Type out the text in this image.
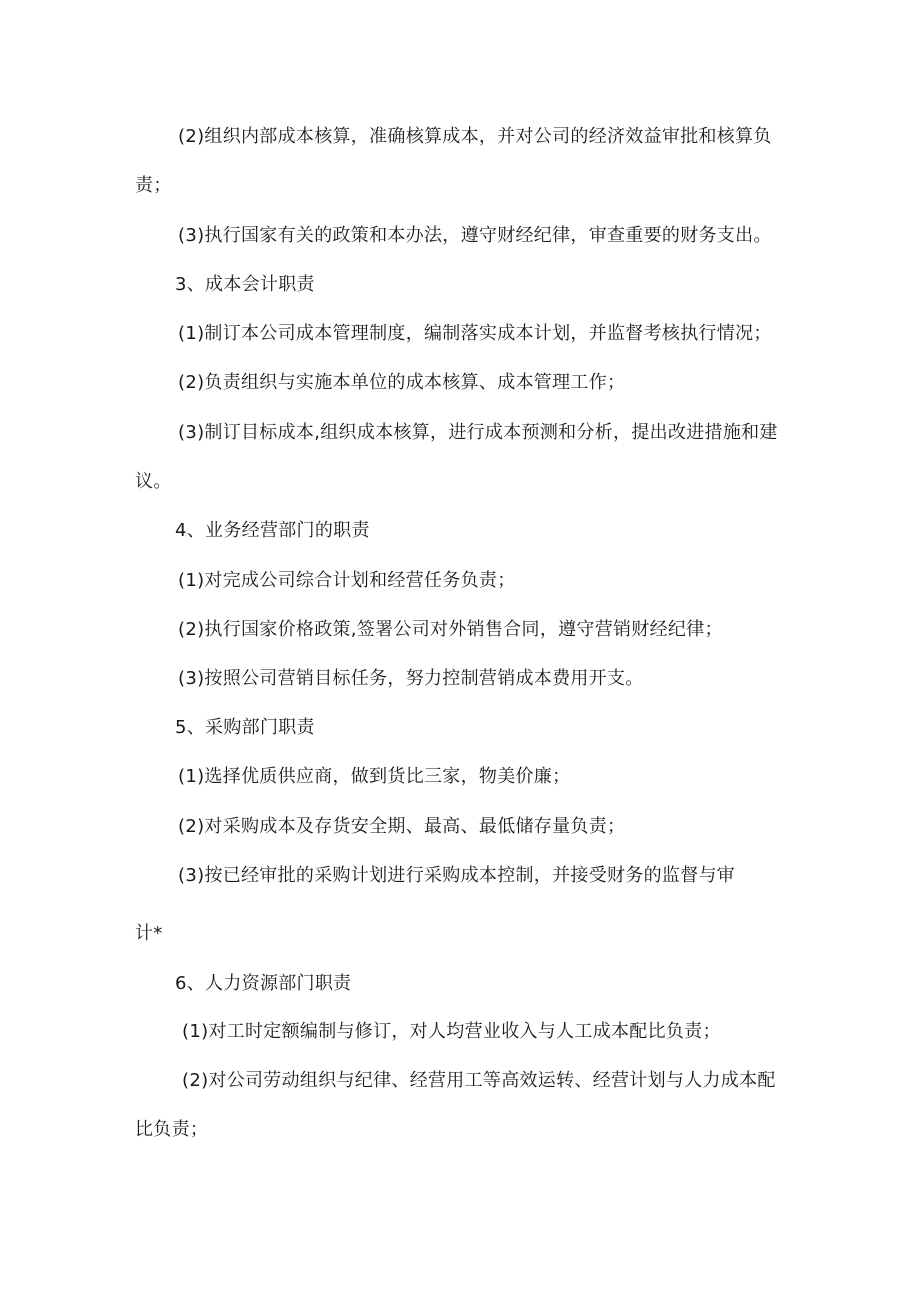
(2)组织内部成本核算，准确核算成本，并对公司的经济效益审批和核算负
责；
(3)执行国家有关的政策和本办法，遵守财经纪律，审查重要的财务支出。
3、成本会计职责
(1)制订本公司成本管理制度，编制落实成本计划，并监督考核执行情况；
(2)负责组织与实施本单位的成本核算、成本管理工作；
(3)制订目标成本,组织成本核算，进行成本预测和分析，提出改进措施和建
议。
4、业务经营部门的职责
(1)对完成公司综合计划和经营任务负责；
(2)执行国家价格政策,签署公司对外销售合同，遵守营销财经纪律；
(3)按照公司营销目标任务，努力控制营销成本费用开支。
5、采购部门职责
(1)选择优质供应商，做到货比三家，物美价廉；
(2)对采购成本及存货安全期、最高、最低储存量负责；
(3)按已经审批的采购计划进行采购成本控制，并接受财务的监督与审
计*
6、人力资源部门职责
(1)对工时定额编制与修订，对人均营业收入与人工成本配比负责；
(2)对公司劳动组织与纪律、经营用工等高效运转、经营计划与人力成本配
比负责；
